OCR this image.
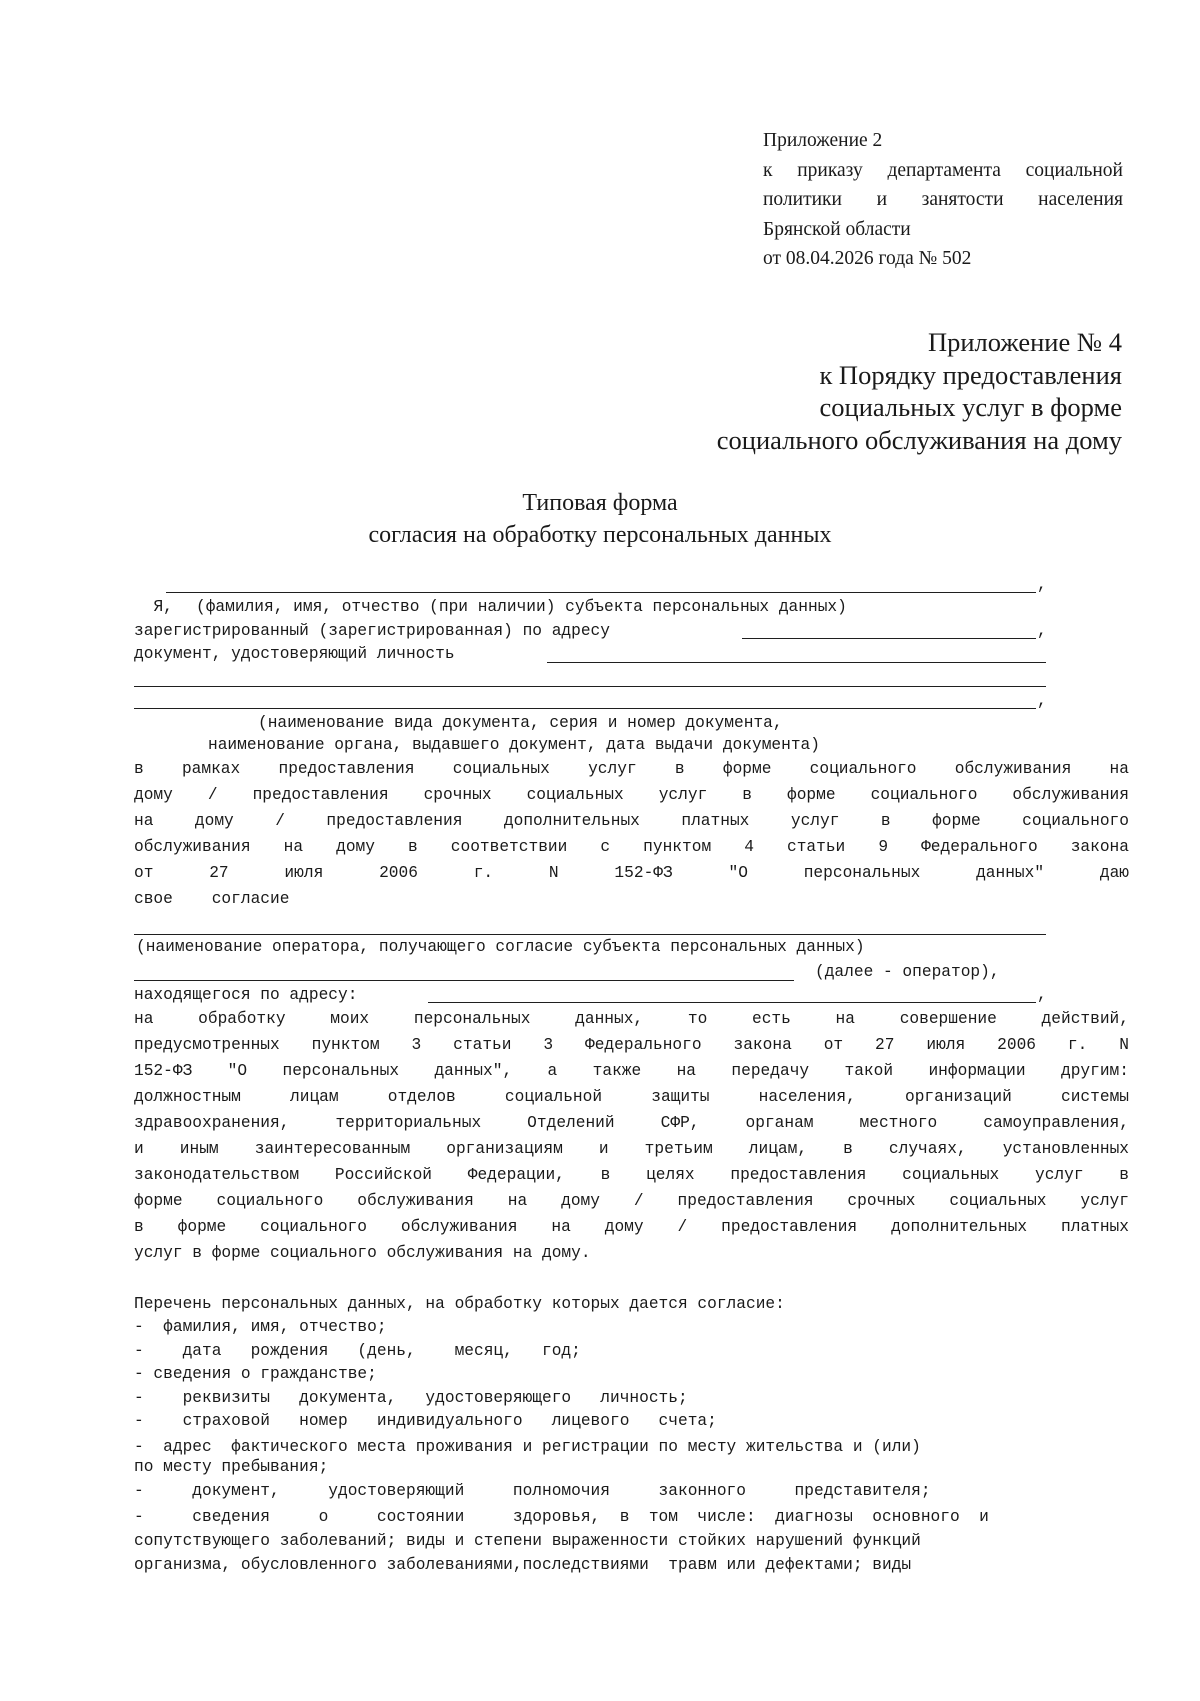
Приложение 2
к приказу департамента социальной
политики и занятости населения
Брянской области
от 08.04.2026 года № 502
Приложение № 4
к Порядку предоставления
социальных услуг в форме
социального обслуживания на дому
Типовая форма
согласия на обработку персональных данных

Я,

,
(фамилия, имя, отчество (при наличии) субъекта персональных данных)
зарегистрированный (зарегистрированная) по адресу	,
документ, удостоверяющий личность
,
(наименование вида документа, серия и номер документа,
наименование органа, выдавшего документ, дата выдачи документа)
в рамках предоставления социальных услуг в форме социального обслуживания на
дому / предоставления срочных социальных услуг в форме социального обслуживания
на дому / предоставления дополнительных платных услуг в форме социального
обслуживания на дому в соответствии с пунктом 4 статьи 9 Федерального закона
от 27 июля 2006 г. N 152-ФЗ "О персональных данных" даю
свое    согласие
(наименование оператора, получающего согласие субъекта персональных данных)
(далее - оператор),
находящегося по адресу:	,
на обработку моих персональных данных, то есть на совершение действий,
предусмотренных пунктом 3 статьи 3 Федерального закона от 27 июля 2006 г. N
152-ФЗ "О персональных данных", а также на передачу такой информации другим:
должностным лицам отделов социальной защиты населения, организаций системы
здравоохранения, территориальных Отделений СФР, органам местного самоуправления,
и иным заинтересованным организациям и третьим лицам, в случаях, установленных
законодательством Российской Федерации, в целях предоставления социальных услуг в
форме социального обслуживания на дому / предоставления срочных социальных услуг
в форме социального обслуживания на дому / предоставления дополнительных платных
услуг в форме социального обслуживания на дому.
Перечень персональных данных, на обработку которых дается согласие:
-  фамилия, имя, отчество;
-    дата   рождения   (день,    месяц,   год;
- сведения о гражданстве;
-    реквизиты   документа,   удостоверяющего   личность;
-    страховой   номер   индивидуального   лицевого   счета;
-  адрес  фактического места проживания и регистрации по месту жительства и (или)
по месту пребывания;
-     документ,     удостоверяющий     полномочия     законного     представителя;
-     сведения     о     состоянии     здоровья,  в  том  числе:  диагнозы  основного  и
сопутствующего заболеваний; виды и степени выраженности стойких нарушений функций
организма, обусловленного заболеваниями,последствиями  травм или дефектами; виды
